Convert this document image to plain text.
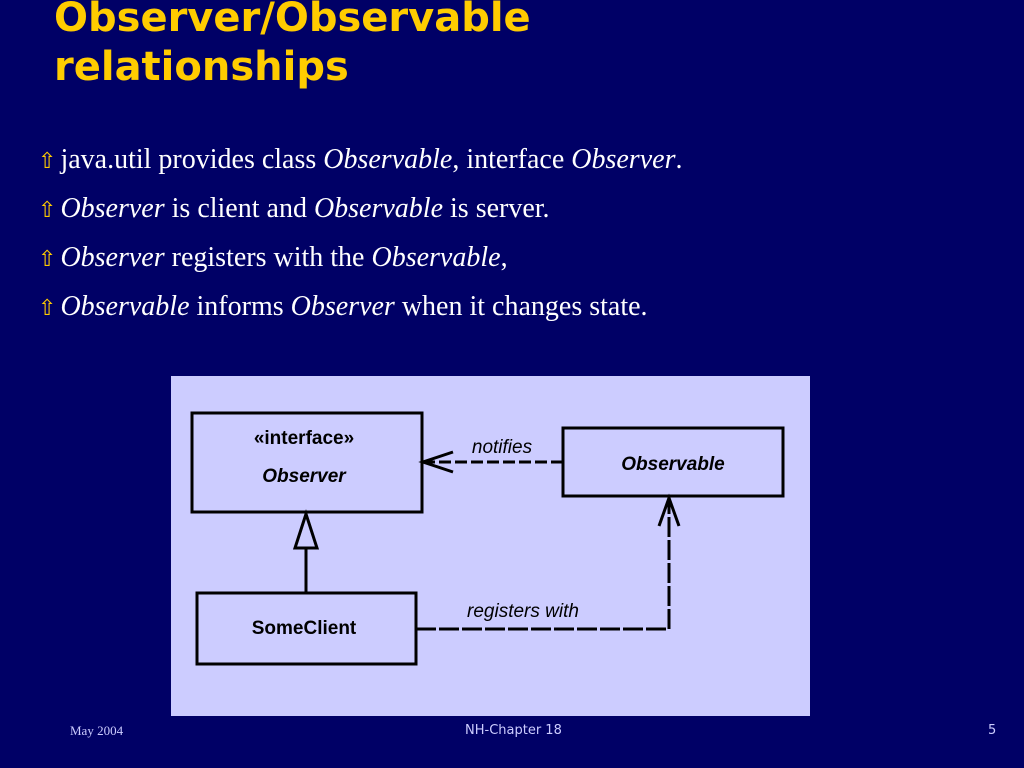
Observer/Observable
relationships
⇧ java.util provides class Observable, interface Observer.
⇧ Observer is client and Observable is server.
⇧ Observer registers with the Observable,
⇧ Observable informs Observer when it changes state.
«interface»
Observer
Observable
SomeClient
notifies
registers with
May 2004	NH-Chapter 18	5
